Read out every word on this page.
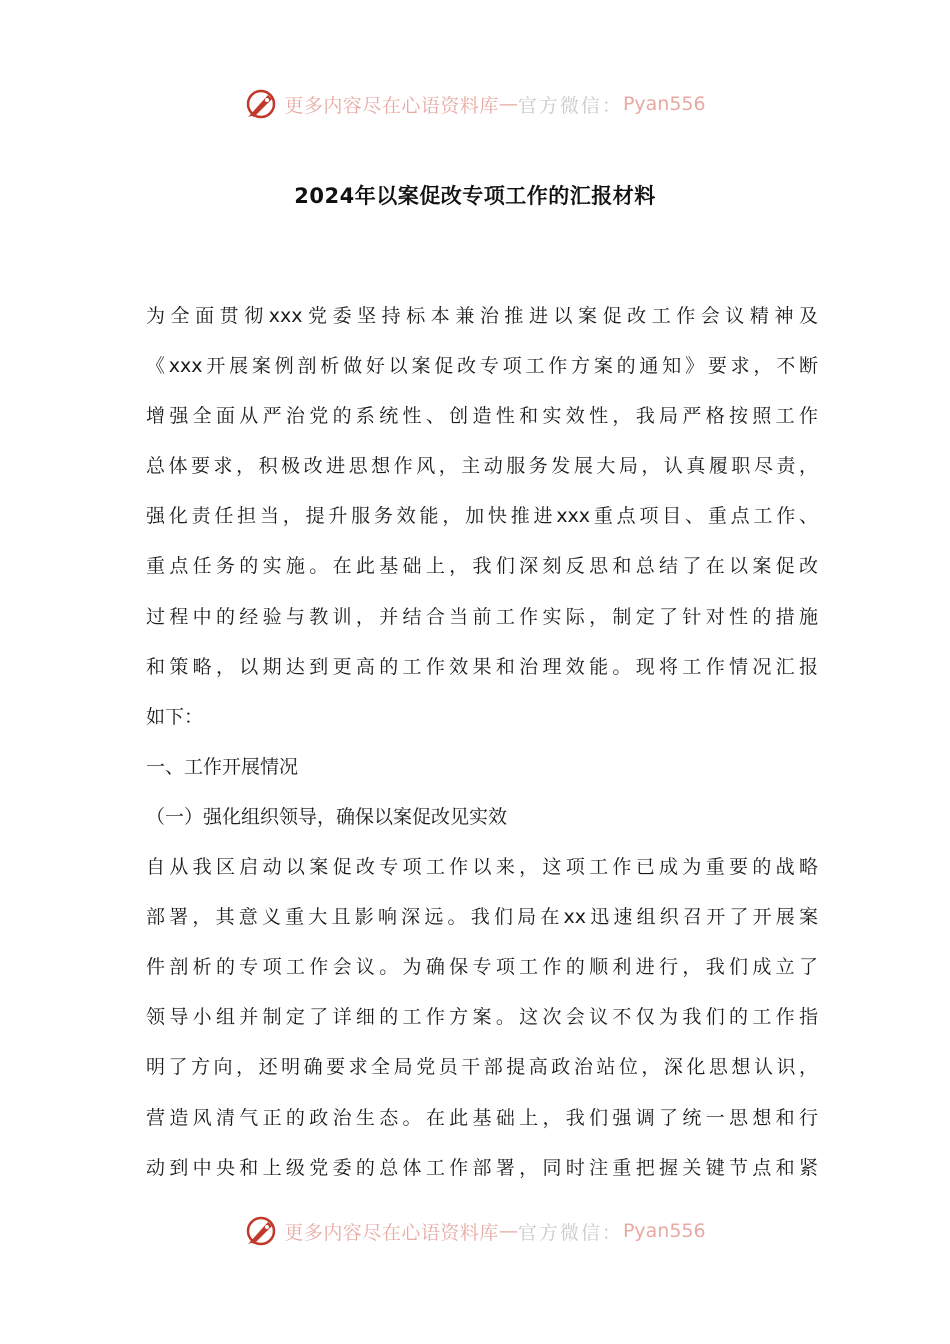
更多内容尽在心语资料库 — 官方微信： Pyan556
2024年以案促改专项工作的汇报材料
为全面贯彻xxx党委坚持标本兼治推进以案促改工作会议精神及
《xxx开展案例剖析做好以案促改专项工作方案的通知》要求，不断
增强全面从严治党的系统性、创造性和实效性，我局严格按照工作
总体要求，积极改进思想作风，主动服务发展大局，认真履职尽责，
强化责任担当，提升服务效能，加快推进xxx重点项目、重点工作、
重点任务的实施。在此基础上，我们深刻反思和总结了在以案促改
过程中的经验与教训，并结合当前工作实际，制定了针对性的措施
和策略，以期达到更高的工作效果和治理效能。现将工作情况汇报
如下：
一、工作开展情况
（一）强化组织领导，确保以案促改见实效
自从我区启动以案促改专项工作以来，这项工作已成为重要的战略
部署，其意义重大且影响深远。我们局在xx迅速组织召开了开展案
件剖析的专项工作会议。为确保专项工作的顺利进行，我们成立了
领导小组并制定了详细的工作方案。这次会议不仅为我们的工作指
明了方向，还明确要求全局党员干部提高政治站位，深化思想认识，
营造风清气正的政治生态。在此基础上，我们强调了统一思想和行
动到中央和上级党委的总体工作部署，同时注重把握关键节点和紧
更多内容尽在心语资料库 — 官方微信： Pyan556
